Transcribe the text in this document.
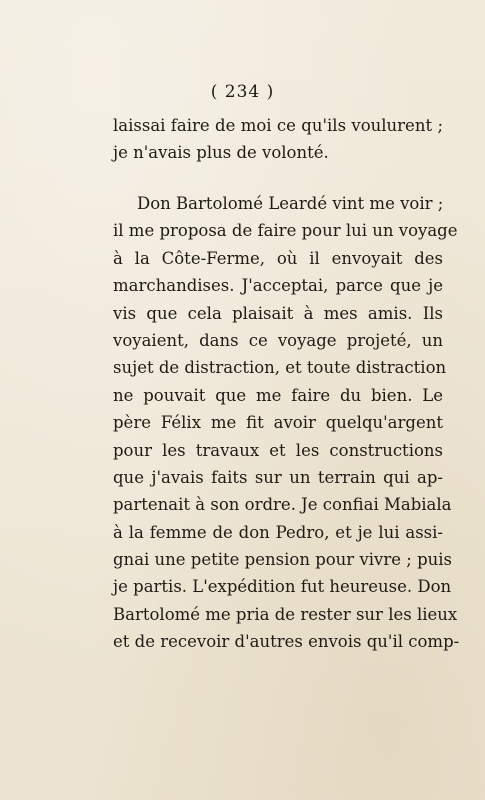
( 234 )
laissai faire de moi ce qu'ils voulurent ;
je n'avais plus de volonté.
Don Bartolomé Leardé vint me voir ;
il me proposa de faire pour lui un voyage
à la Côte-Ferme, où il envoyait des
marchandises. J'acceptai, parce que je
vis que cela plaisait à mes amis. Ils
voyaient, dans ce voyage projeté, un
sujet de distraction, et toute distraction
ne pouvait que me faire du bien. Le
père Félix me fit avoir quelqu'argent
pour les travaux et les constructions
que j'avais faits sur un terrain qui ap-
partenait à son ordre. Je confiai Mabiala
à la femme de don Pedro, et je lui assi-
gnai une petite pension pour vivre ; puis
je partis. L'expédition fut heureuse. Don
Bartolomé me pria de rester sur les lieux
et de recevoir d'autres envois qu'il comp-
